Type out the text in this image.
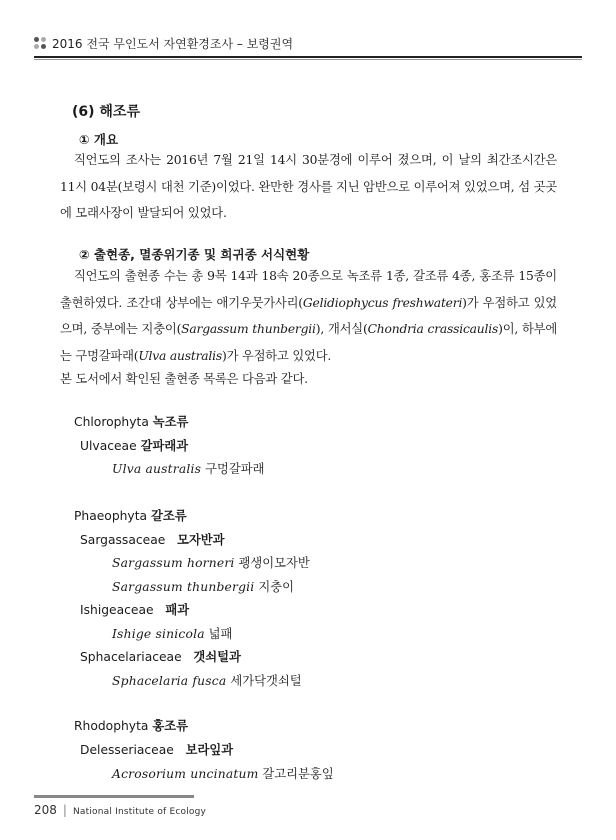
2016 전국 무인도서 자연환경조사 – 보령권역
(6) 해조류
① 개요
직언도의 조사는 2016년 7월 21일 14시 30분경에 이루어 졌으며, 이 날의 최간조시간은 11시 04분(보령시 대천 기준)이었다. 완만한 경사를 지닌 암반으로 이루어져 있었으며, 섬 곳곳에 모래사장이 발달되어 있었다.
② 출현종, 멸종위기종 및 희귀종 서식현황
직언도의 출현종 수는 총 9목 14과 18속 20종으로 녹조류 1종, 갈조류 4종, 홍조류 15종이 출현하였다. 조간대 상부에는 애기우뭇가사리(Gelidiophycus freshwateri)가 우점하고 있었으며, 중부에는 지충이(Sargassum thunbergii), 개서실(Chondria crassicaulis)이, 하부에는 구멍갈파래(Ulva australis)가 우점하고 있었다.
본 도서에서 확인된 출현종 목록은 다음과 같다.
Chlorophyta 녹조류
Ulvaceae 갈파래과
Ulva australis 구멍갈파래
Phaeophyta 갈조류
Sargassaceae 모자반과
Sargassum horneri 괭생이모자반
Sargassum thunbergii 지충이
Ishigeaceae 패과
Ishige sinicola 넓패
Sphacelariaceae 갯쇠털과
Sphacelaria fusca 세가닥갯쇠털
Rhodophyta 홍조류
Delesseriaceae 보라잎과
Acrosorium uncinatum 갈고리분홍잎
208 | National Institute of Ecology
